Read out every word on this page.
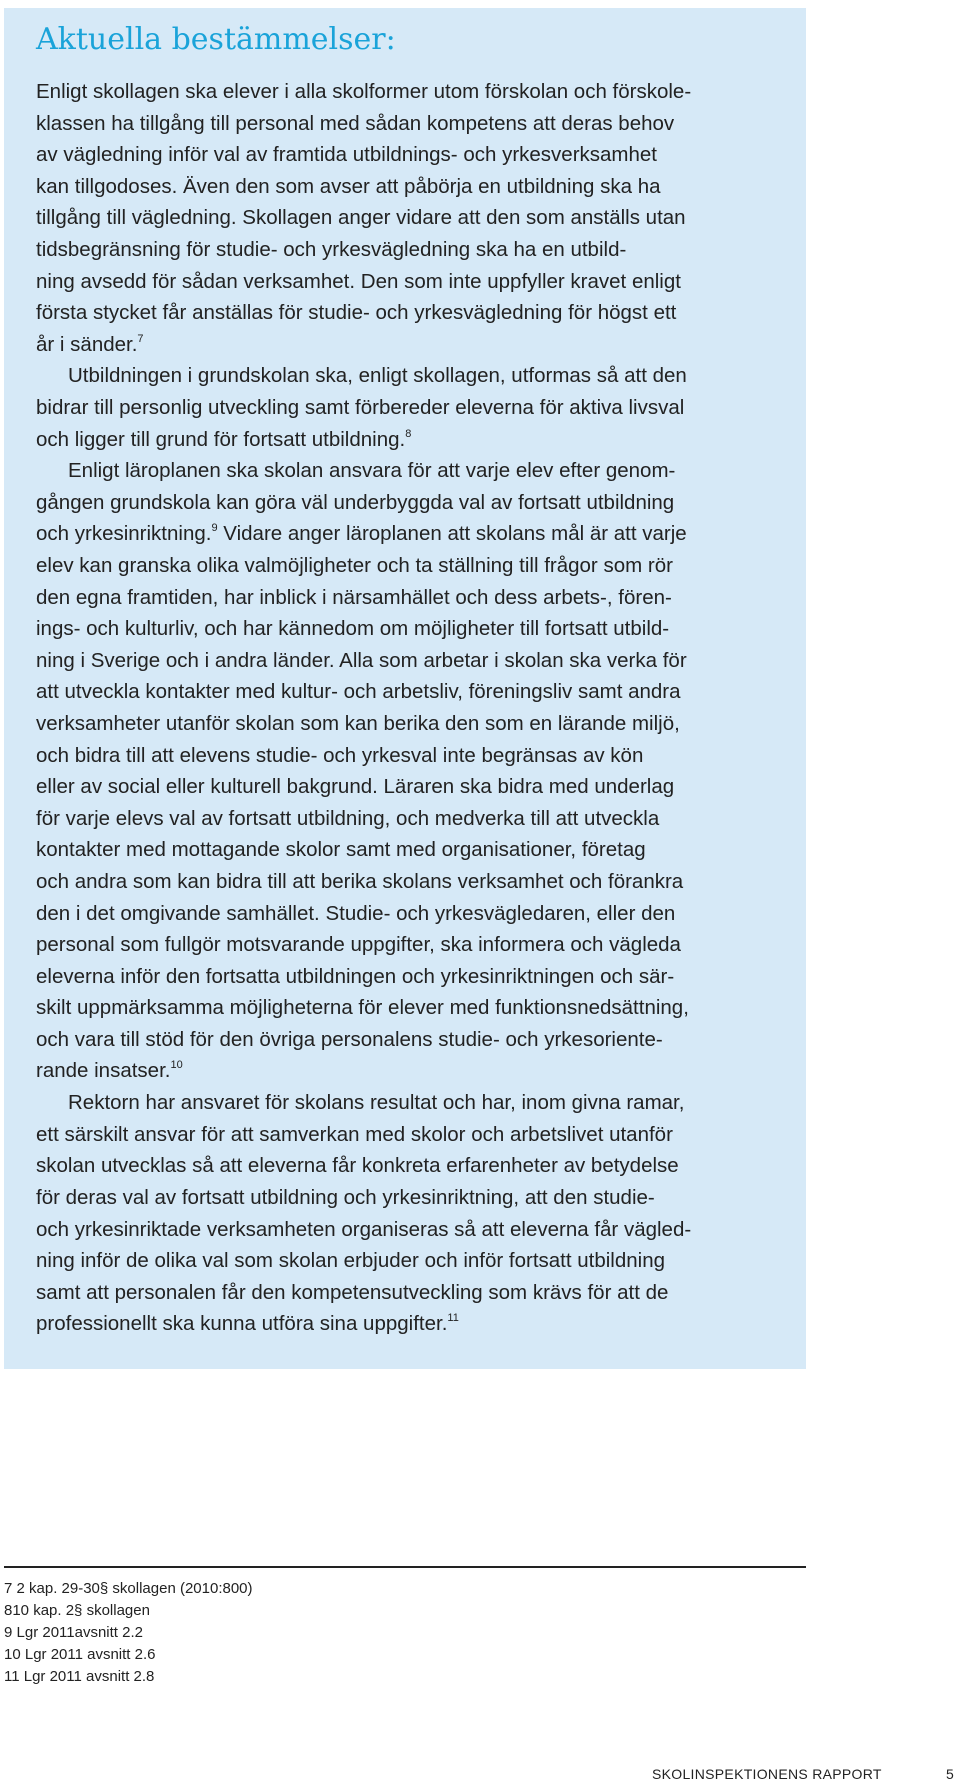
Aktuella bestämmelser:

Enligt skollagen ska elever i alla skolformer utom förskolan och förskole-
klassen ha tillgång till personal med sådan kompetens att deras behov
av vägledning inför val av framtida utbildnings- och yrkesverksamhet
kan tillgodoses. Även den som avser att påbörja en utbildning ska ha
tillgång till vägledning. Skollagen anger vidare att den som anställs utan
tidsbegränsning för studie- och yrkesvägledning ska ha en utbild-
ning avsedd för sådan verksamhet. Den som inte uppfyller kravet enligt
första stycket får anställas för studie- och yrkesvägledning för högst ett
år i sänder.$^7$

Utbildningen i grundskolan ska, enligt skollagen, utformas så att den
bidrar till personlig utveckling samt förbereder eleverna för aktiva livsval
och ligger till grund för fortsatt utbildning.$^8$

Enligt läroplanen ska skolan ansvara för att varje elev efter genom-
gången grundskola kan göra väl underbyggda val av fortsatt utbildning
och yrkesinriktning.$^9$ Vidare anger läroplanen att skolans mål är att varje
elev kan granska olika valmöjligheter och ta ställning till frågor som rör
den egna framtiden, har inblick i närsamhället och dess arbets-, fören-
ings- och kulturliv, och har kännedom om möjligheter till fortsatt utbild-
ning i Sverige och i andra länder. Alla som arbetar i skolan ska verka för
att utveckla kontakter med kultur- och arbetsliv, föreningsliv samt andra
verksamheter utanför skolan som kan berika den som en lärande miljö,
och bidra till att elevens studie- och yrkesval inte begränsas av kön
eller av social eller kulturell bakgrund. Läraren ska bidra med underlag
för varje elevs val av fortsatt utbildning, och medverka till att utveckla
kontakter med mottagande skolor samt med organisationer, företag
och andra som kan bidra till att berika skolans verksamhet och förankra
den i det omgivande samhället. Studie- och yrkesvägledaren, eller den
personal som fullgör motsvarande uppgifter, ska informera och vägleda
eleverna inför den fortsatta utbildningen och yrkesinriktningen och sär-
skilt uppmärksamma möjligheterna för elever med funktionsnedsättning,
och vara till stöd för den övriga personalens studie- och yrkesoriente-
rande insatser.$^{10}$

Rektorn har ansvaret för skolans resultat och har, inom givna ramar,
ett särskilt ansvar för att samverkan med skolor och arbetslivet utanför
skolan utvecklas så att eleverna får konkreta erfarenheter av betydelse
för deras val av fortsatt utbildning och yrkesinriktning, att den studie-
och yrkesinriktade verksamheten organiseras så att eleverna får vägled-
ning inför de olika val som skolan erbjuder och inför fortsatt utbildning
samt att personalen får den kompetensutveckling som krävs för att de
professionellt ska kunna utföra sina uppgifter.$^{11}$

7 2 kap. 29-30§ skollagen (2010:800)
810 kap. 2§ skollagen
9 Lgr 2011avsnitt 2.2
10 Lgr 2011 avsnitt 2.6
11 Lgr 2011 avsnitt 2.8
SKOLINSPEKTIONENS RAPPORT	5
